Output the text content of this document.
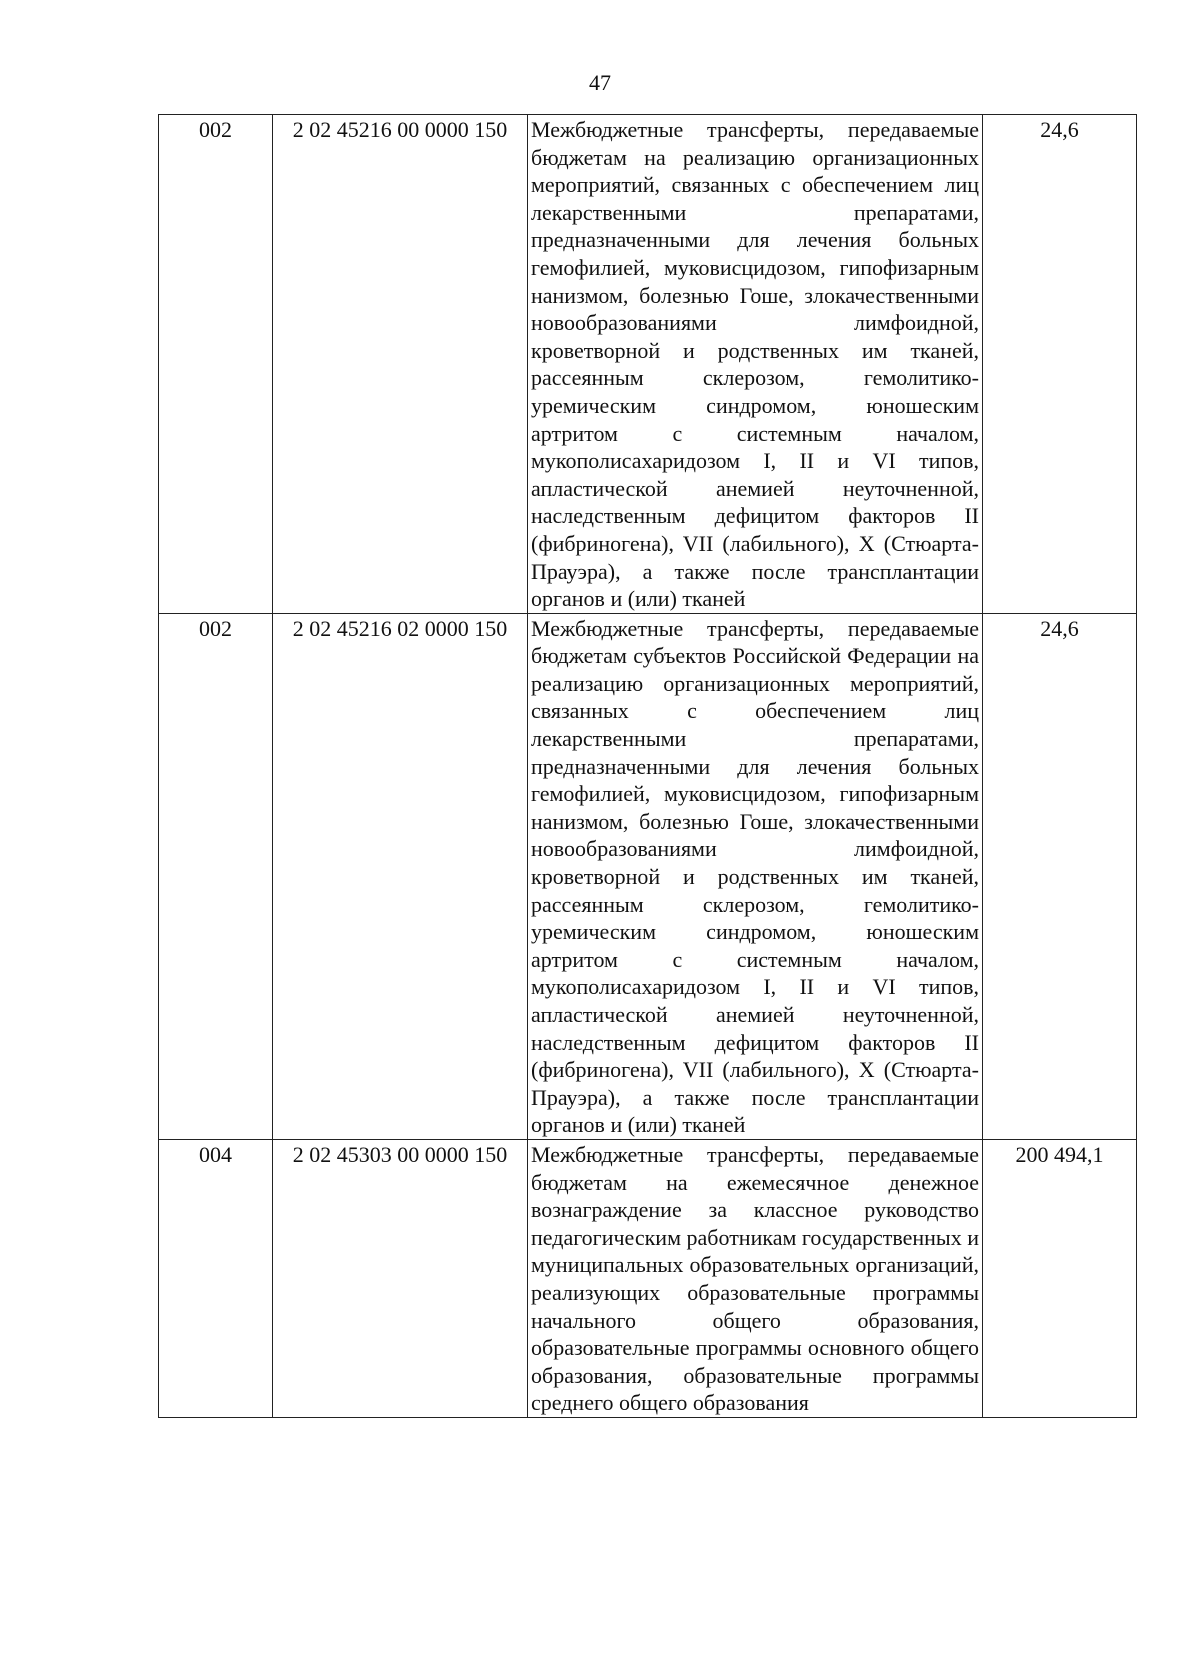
47
002	2 02 45216 00 0000 150	Межбюджетные трансферты, передаваемые бюджетам на реализацию организационных мероприятий, связанных с обеспечением лиц лекарственными препаратами, предназначенными для лечения больных гемофилией, муковисцидозом, гипофизарным нанизмом, болезнью Гоше, злокачественными новообразованиями лимфоидной, кроветворной и родственных им тканей, рассеянным склерозом, гемолитико-уремическим синдромом, юношеским артритом с системным началом, мукополисахаридозом I, II и VI типов, апластической анемией неуточненной, наследственным дефицитом факторов II (фибриногена), VII (лабильного), X (Стюарта-Прауэра), а также после трансплантации органов и (или) тканей	24,6
002	2 02 45216 02 0000 150	Межбюджетные трансферты, передаваемые бюджетам субъектов Российской Федерации на реализацию организационных мероприятий, связанных с обеспечением лиц лекарственными препаратами, предназначенными для лечения больных гемофилией, муковисцидозом, гипофизарным нанизмом, болезнью Гоше, злокачественными новообразованиями лимфоидной, кроветворной и родственных им тканей, рассеянным склерозом, гемолитико-уремическим синдромом, юношеским артритом с системным началом, мукополисахаридозом I, II и VI типов, апластической анемией неуточненной, наследственным дефицитом факторов II (фибриногена), VII (лабильного), X (Стюарта-Прауэра), а также после трансплантации органов и (или) тканей	24,6
004	2 02 45303 00 0000 150	Межбюджетные трансферты, передаваемые бюджетам на ежемесячное денежное вознаграждение за классное руководство педагогическим работникам государственных и муниципальных образовательных организаций, реализующих образовательные программы начального общего образования, образовательные программы основного общего образования, образовательные программы среднего общего образования	200 494,1
